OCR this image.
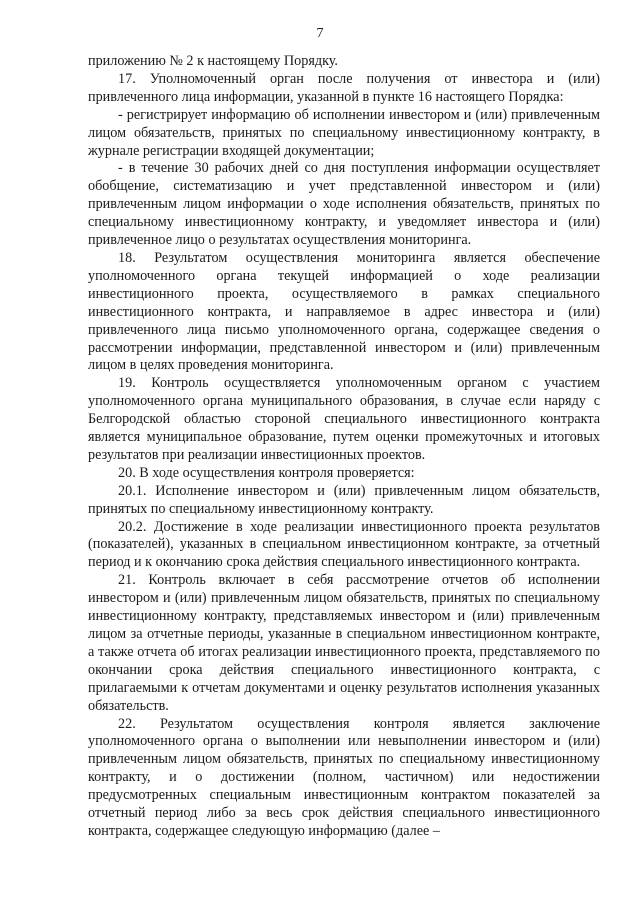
7

приложению № 2 к настоящему Порядку.

17. Уполномоченный орган после получения от инвестора и (или) привлеченного лица информации, указанной в пункте 16 настоящего Порядка:

- регистрирует информацию об исполнении инвестором и (или) привлеченным лицом обязательств, принятых по специальному инвестиционному контракту, в журнале регистрации входящей документации;

- в течение 30 рабочих дней со дня поступления информации осуществляет обобщение, систематизацию и учет представленной инвестором и (или) привлеченным лицом информации о ходе исполнения обязательств, принятых по специальному инвестиционному контракту, и уведомляет инвестора и (или) привлеченное лицо о результатах осуществления мониторинга.

18. Результатом осуществления мониторинга является обеспечение уполномоченного органа текущей информацией о ходе реализации инвестиционного проекта, осуществляемого в рамках специального инвестиционного контракта, и направляемое в адрес инвестора и (или) привлеченного лица письмо уполномоченного органа, содержащее сведения о рассмотрении информации, представленной инвестором и (или) привлеченным лицом в целях проведения мониторинга.

19. Контроль осуществляется уполномоченным органом с участием уполномоченного органа муниципального образования, в случае если наряду с Белгородской областью стороной специального инвестиционного контракта является муниципальное образование, путем оценки промежуточных и итоговых результатов при реализации инвестиционных проектов.

20. В ходе осуществления контроля проверяется:

20.1. Исполнение инвестором и (или) привлеченным лицом обязательств, принятых по специальному инвестиционному контракту.

20.2. Достижение в ходе реализации инвестиционного проекта результатов (показателей), указанных в специальном инвестиционном контракте, за отчетный период и к окончанию срока действия специального инвестиционного контракта.

21. Контроль включает в себя рассмотрение отчетов об исполнении инвестором и (или) привлеченным лицом обязательств, принятых по специальному инвестиционному контракту, представляемых инвестором и (или) привлеченным лицом за отчетные периоды, указанные в специальном инвестиционном контракте, а также отчета об итогах реализации инвестиционного проекта, представляемого по окончании срока действия специального инвестиционного контракта, с прилагаемыми к отчетам документами и оценку результатов исполнения указанных обязательств.

22. Результатом осуществления контроля является заключение уполномоченного органа о выполнении или невыполнении инвестором и (или) привлеченным лицом обязательств, принятых по специальному инвестиционному контракту, и о достижении (полном, частичном) или недостижении предусмотренных специальным инвестиционным контрактом показателей за отчетный период либо за весь срок действия специального инвестиционного контракта, содержащее следующую информацию (далее –
